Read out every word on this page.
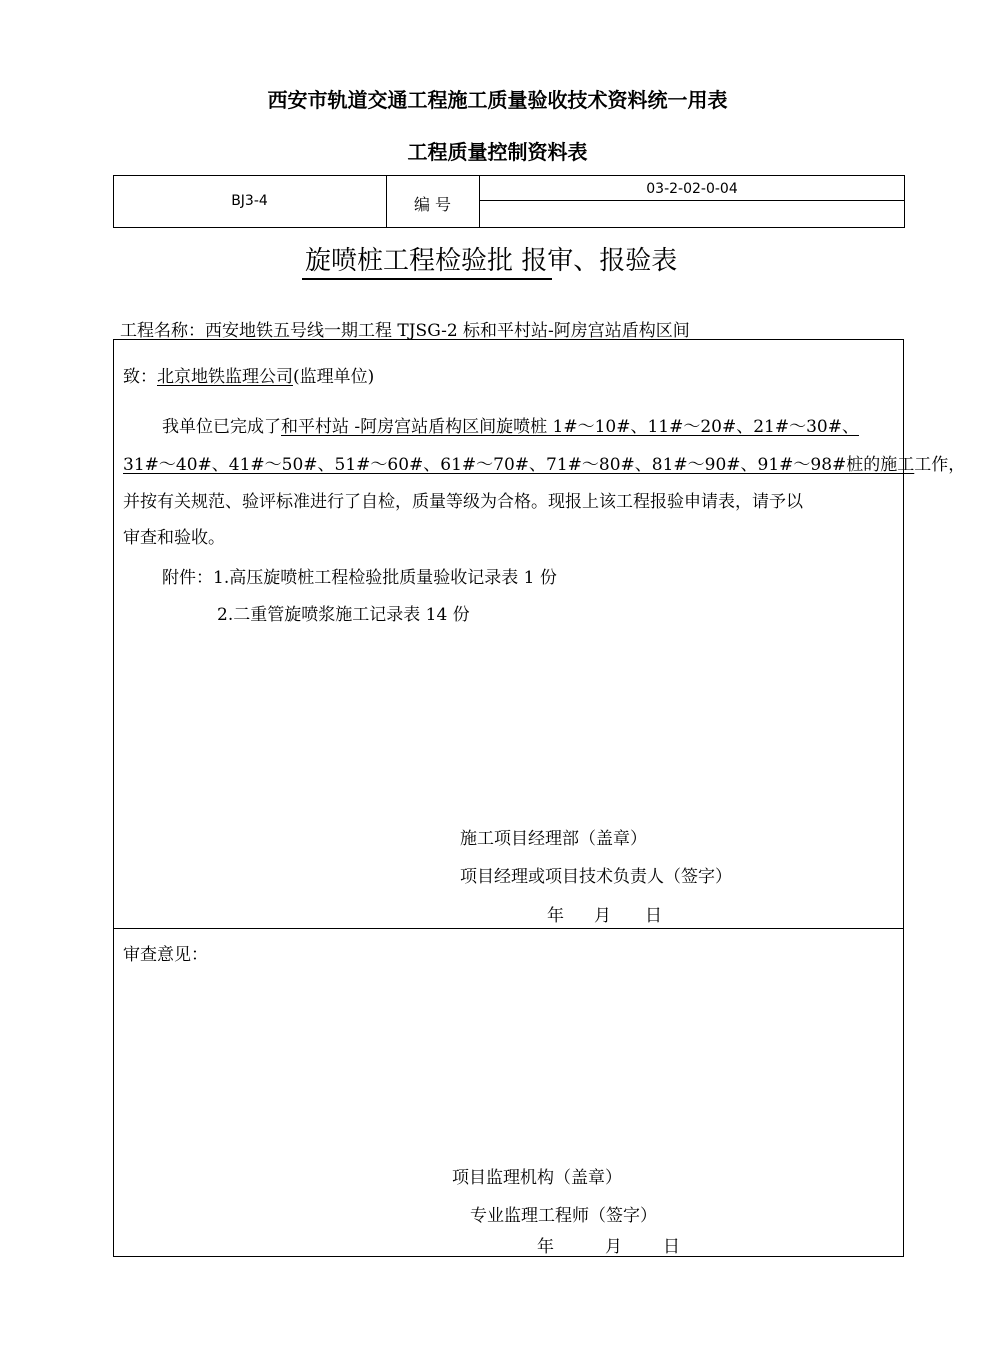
西安市轨道交通工程施工质量验收技术资料统一用表
工程质量控制资料表
BJ3-4	编 号
03-2-02-0-04
旋喷桩工程检验批 报审、报验表
工程名称：西安地铁五号线一期工程 TJSG-2 标和平村站-阿房宫站盾构区间
致：北京地铁监理公司(监理单位)
我单位已完成了和平村站 -阿房宫站盾构区间旋喷桩 1#～10#、11#～20#、21#～30#、
31#～40#、41#～50#、51#～60#、61#～70#、71#～80#、81#～90#、91#～98#桩的施工工作，
并按有关规范、验评标准进行了自检，质量等级为合格。现报上该工程报验申请表，请予以
审查和验收。
附件：1.高压旋喷桩工程检验批质量验收记录表 1 份
2.二重管旋喷浆施工记录表 14 份
施工项目经理部（盖章）
项目经理或项目技术负责人（签字）
年 月 日
审查意见：
项目监理机构（盖章）
专业监理工程师（签字）
年	月 日
